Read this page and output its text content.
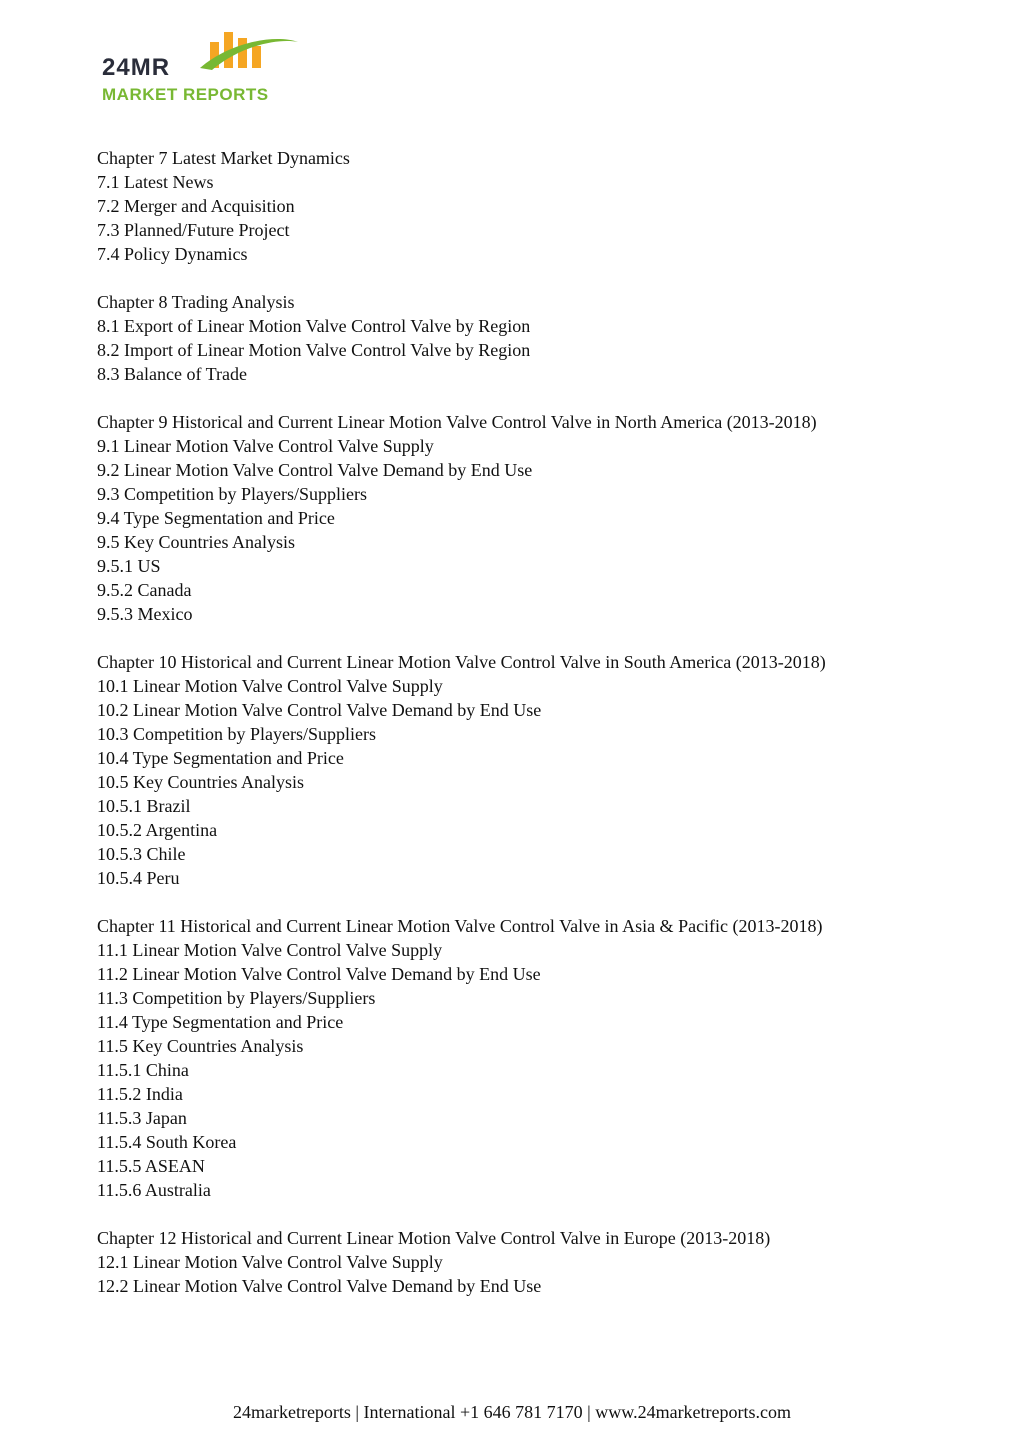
24MR
MARKET REPORTS
Chapter 7 Latest Market Dynamics
7.1 Latest News
7.2 Merger and Acquisition
7.3 Planned/Future Project
7.4 Policy Dynamics
Chapter 8 Trading Analysis
8.1 Export of Linear Motion Valve Control Valve by Region
8.2 Import of Linear Motion Valve Control Valve by Region
8.3 Balance of Trade
Chapter 9 Historical and Current Linear Motion Valve Control Valve in North America (2013-2018)
9.1 Linear Motion Valve Control Valve Supply
9.2 Linear Motion Valve Control Valve Demand by End Use
9.3 Competition by Players/Suppliers
9.4 Type Segmentation and Price
9.5 Key Countries Analysis
9.5.1 US
9.5.2 Canada
9.5.3 Mexico
Chapter 10 Historical and Current Linear Motion Valve Control Valve in South America (2013-2018)
10.1 Linear Motion Valve Control Valve Supply
10.2 Linear Motion Valve Control Valve Demand by End Use
10.3 Competition by Players/Suppliers
10.4 Type Segmentation and Price
10.5 Key Countries Analysis
10.5.1 Brazil
10.5.2 Argentina
10.5.3 Chile
10.5.4 Peru
Chapter 11 Historical and Current Linear Motion Valve Control Valve in Asia & Pacific (2013-2018)
11.1 Linear Motion Valve Control Valve Supply
11.2 Linear Motion Valve Control Valve Demand by End Use
11.3 Competition by Players/Suppliers
11.4 Type Segmentation and Price
11.5 Key Countries Analysis
11.5.1 China
11.5.2 India
11.5.3 Japan
11.5.4 South Korea
11.5.5 ASEAN
11.5.6 Australia
Chapter 12 Historical and Current Linear Motion Valve Control Valve in Europe (2013-2018)
12.1 Linear Motion Valve Control Valve Supply
12.2 Linear Motion Valve Control Valve Demand by End Use
24marketreports | International +1 646 781 7170 | www.24marketreports.com
